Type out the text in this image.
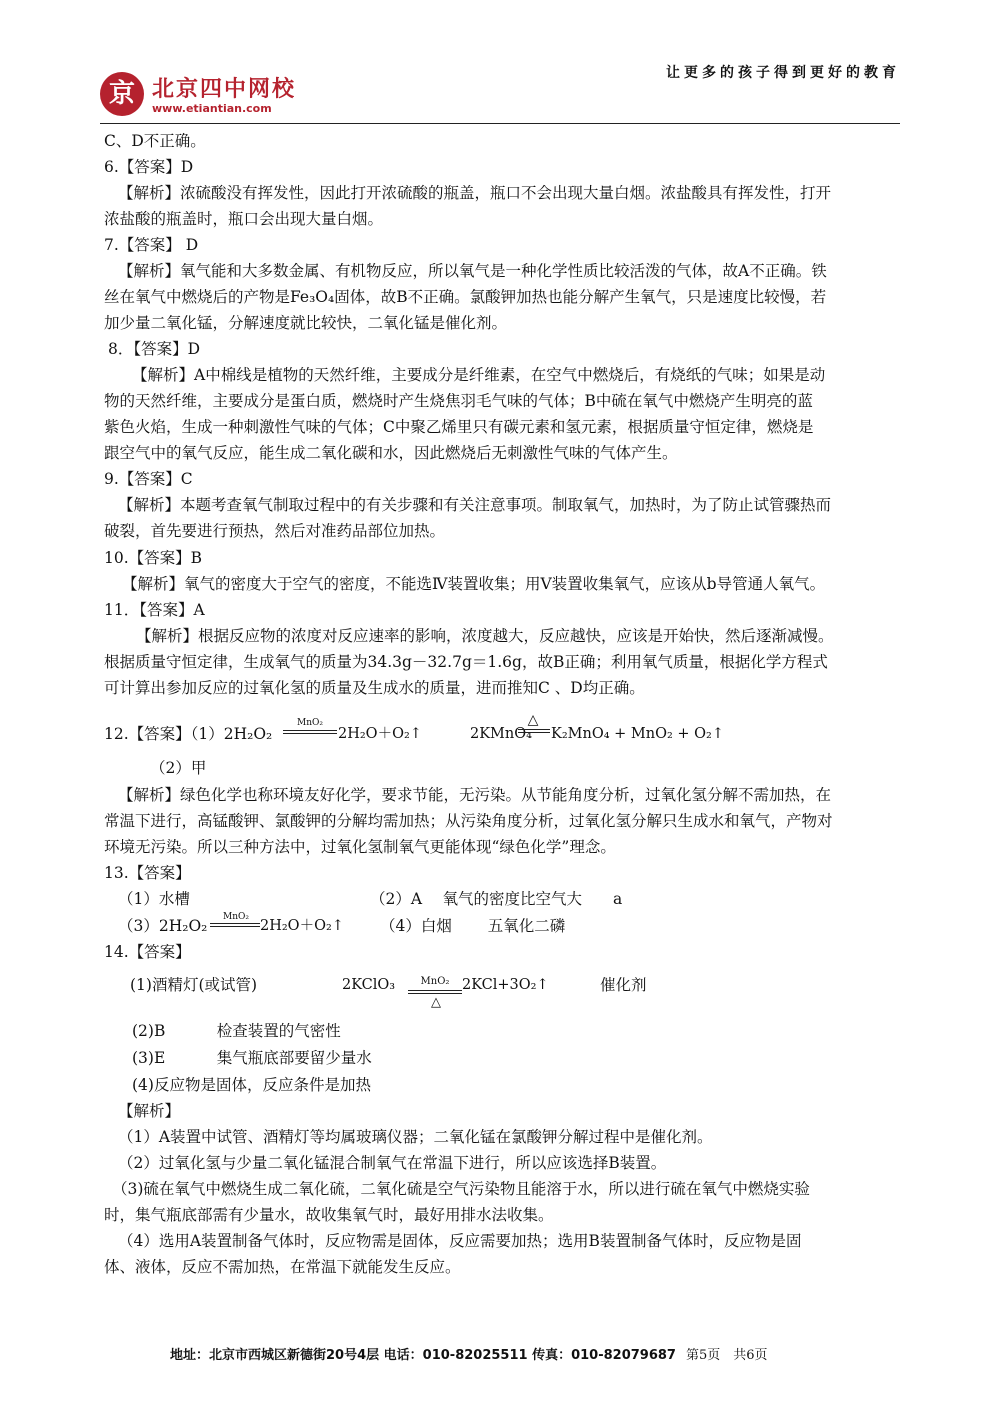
让更多的孩子得到更好的教育
京 北京四中网校
www.etiantian.com
C、D不正确。
6.【答案】D
【解析】浓硫酸没有挥发性，因此打开浓硫酸的瓶盖，瓶口不会出现大量白烟。浓盐酸具有挥发性，打开
浓盐酸的瓶盖时，瓶口会出现大量白烟。
7.【答案】 D
【解析】氧气能和大多数金属、有机物反应，所以氧气是一种化学性质比较活泼的气体，故A不正确。铁
丝在氧气中燃烧后的产物是Fe₃O₄固体，故B不正确。氯酸钾加热也能分解产生氧气，只是速度比较慢，若
加少量二氧化锰，分解速度就比较快，二氧化锰是催化剂。
8．【答案】D
【解析】A中棉线是植物的天然纤维，主要成分是纤维素，在空气中燃烧后，有烧纸的气味；如果是动
物的天然纤维，主要成分是蛋白质，燃烧时产生烧焦羽毛气味的气体；B中硫在氧气中燃烧产生明亮的蓝
紫色火焰，生成一种刺激性气味的气体；C中聚乙烯里只有碳元素和氢元素，根据质量守恒定律，燃烧是
跟空气中的氧气反应，能生成二氧化碳和水，因此燃烧后无刺激性气味的气体产生。
9.【答案】C
【解析】本题考查氧气制取过程中的有关步骤和有关注意事项。制取氧气，加热时，为了防止试管骤热而
破裂，首先要进行预热，然后对准药品部位加热。
10.【答案】B
【解析】氧气的密度大于空气的密度，不能选Ⅳ装置收集；用Ⅴ装置收集氧气，应该从b导管通人氧气。
11．【答案】A
【解析】根据反应物的浓度对反应速率的影响，浓度越大，反应越快，应该是开始快，然后逐渐减慢。
根据质量守恒定律，生成氧气的质量为34.3g－32.7g＝1.6g，故B正确；利用氧气质量，根据化学方程式
可计算出参加反应的过氧化氢的质量及生成水的质量，进而推知C 、D均正确。
12.【答案】（1）2H₂O₂
MnO₂
2H₂O＋O₂↑	2KMnO₄
△
K₂MnO₄ + MnO₂ + O₂↑
（2）甲
【解析】绿色化学也称环境友好化学，要求节能，无污染。从节能角度分析，过氧化氢分解不需加热，在
常温下进行，高锰酸钾、氯酸钾的分解均需加热；从污染角度分析，过氧化氢分解只生成水和氧气，产物对
环境无污染。所以三种方法中，过氧化氢制氧气更能体现“绿色化学”理念。
13.【答案】
（1）水槽	（2）A　 氧气的密度比空气大　　a
（3）2H₂O₂	MnO₂
2H₂O＋O₂↑ （4）白烟　　 五氧化二磷
14.【答案】
(1)酒精灯(或试管)	2KClO₃	MnO₂
△
2KCl+3O₂↑	催化剂
(2)B　　　 检查装置的气密性
(3)E　　　 集气瓶底部要留少量水
(4)反应物是固体，反应条件是加热
【解析】
（1）A装置中试管、酒精灯等均属玻璃仪器；二氧化锰在氯酸钾分解过程中是催化剂。
（2）过氧化氢与少量二氧化锰混合制氧气在常温下进行，所以应该选择B装置。
（3)硫在氧气中燃烧生成二氧化硫，二氧化硫是空气污染物且能溶于水，所以进行硫在氧气中燃烧实验
时，集气瓶底部需有少量水，故收集氧气时，最好用排水法收集。
（4）选用A装置制备气体时，反应物需是固体，反应需要加热；选用B装置制备气体时，反应物是固
体、液体，反应不需加热，在常温下就能发生反应。
地址：北京市西城区新德街20号4层 电话：010-82025511 传真：010-82079687 第5页　共6页
